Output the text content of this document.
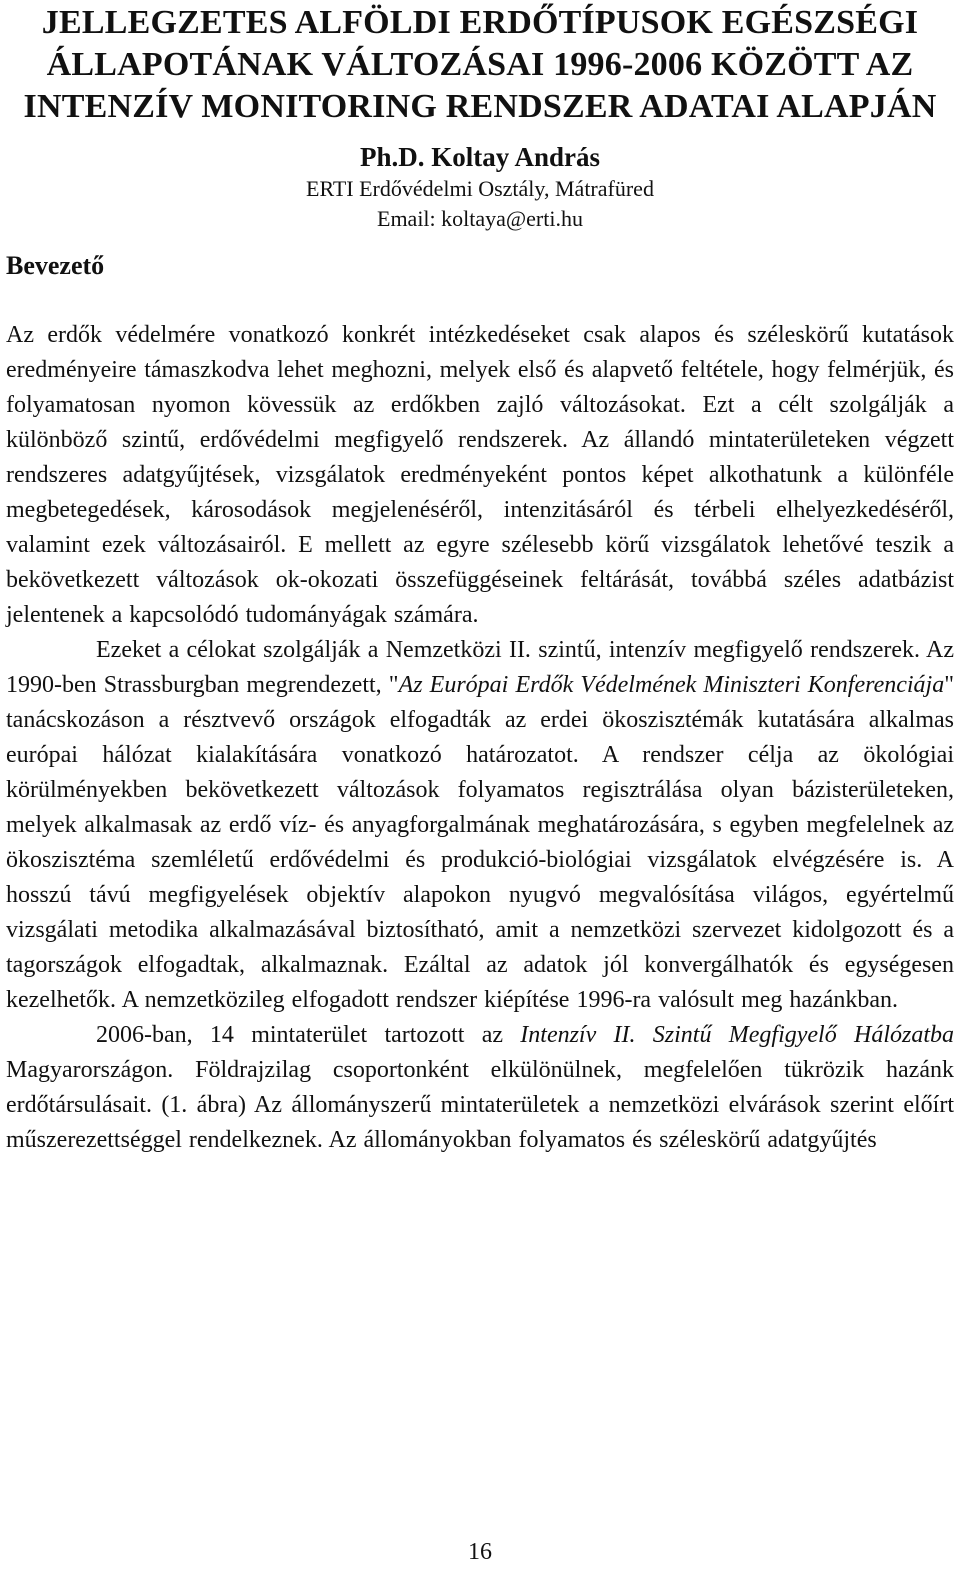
JELLEGZETES ALFÖLDI ERDŐTÍPUSOK EGÉSZSÉGI ÁLLAPOTÁNAK VÁLTOZÁSAI 1996-2006 KÖZÖTT AZ INTENZÍV MONITORING RENDSZER ADATAI ALAPJÁN
Ph.D. Koltay András
ERTI Erdővédelmi Osztály, Mátrafüred
Email: koltaya@erti.hu
Bevezető

Az erdők védelmére vonatkozó konkrét intézkedéseket csak alapos és széleskörű kutatások eredményeire támaszkodva lehet meghozni, melyek első és alapvető feltétele, hogy felmérjük, és folyamatosan nyomon kövessük az erdőkben zajló változásokat. Ezt a célt szolgálják a különböző szintű, erdővédelmi megfigyelő rendszerek. Az állandó mintaterületeken végzett rendszeres adatgyűjtések, vizsgálatok eredményeként pontos képet alkothatunk a különféle megbetegedések, károsodások megjelenéséről, intenzitásáról és térbeli elhelyezkedéséről, valamint ezek változásairól. E mellett az egyre szélesebb körű vizsgálatok lehetővé teszik a bekövetkezett változások ok-okozati összefüggéseinek feltárását, továbbá széles adatbázist jelentenek a kapcsolódó tudományágak számára.

Ezeket a célokat szolgálják a Nemzetközi II. szintű, intenzív megfigyelő rendszerek. Az 1990-ben Strassburgban megrendezett, "Az Európai Erdők Védelmének Miniszteri Konferenciája" tanácskozáson a résztvevő országok elfogadták az erdei ökoszisztémák kutatására alkalmas európai hálózat kialakítására vonatkozó határozatot. A rendszer célja az ökológiai körülményekben bekövetkezett változások folyamatos regisztrálása olyan bázisterületeken, melyek alkalmasak az erdő víz- és anyagforgalmának meghatározására, s egyben megfelelnek az ökoszisztéma szemléletű erdővédelmi és produkció-biológiai vizsgálatok elvégzésére is. A hosszú távú megfigyelések objektív alapokon nyugvó megvalósítása világos, egyértelmű vizsgálati metodika alkalmazásával biztosítható, amit a nemzetközi szervezet kidolgozott és a tagországok elfogadtak, alkalmaznak. Ezáltal az adatok jól konvergálhatók és egységesen kezelhetők. A nemzetközileg elfogadott rendszer kiépítése 1996-ra valósult meg hazánkban.

2006-ban, 14 mintaterület tartozott az Intenzív II. Szintű Megfigyelő Hálózatba Magyarországon. Földrajzilag csoportonként elkülönülnek, megfelelően tükrözik hazánk erdőtársulásait. (1. ábra) Az állományszerű mintaterületek a nemzetközi elvárások szerint előírt műszerezettséggel rendelkeznek. Az állományokban folyamatos és széleskörű adatgyűjtés

16
